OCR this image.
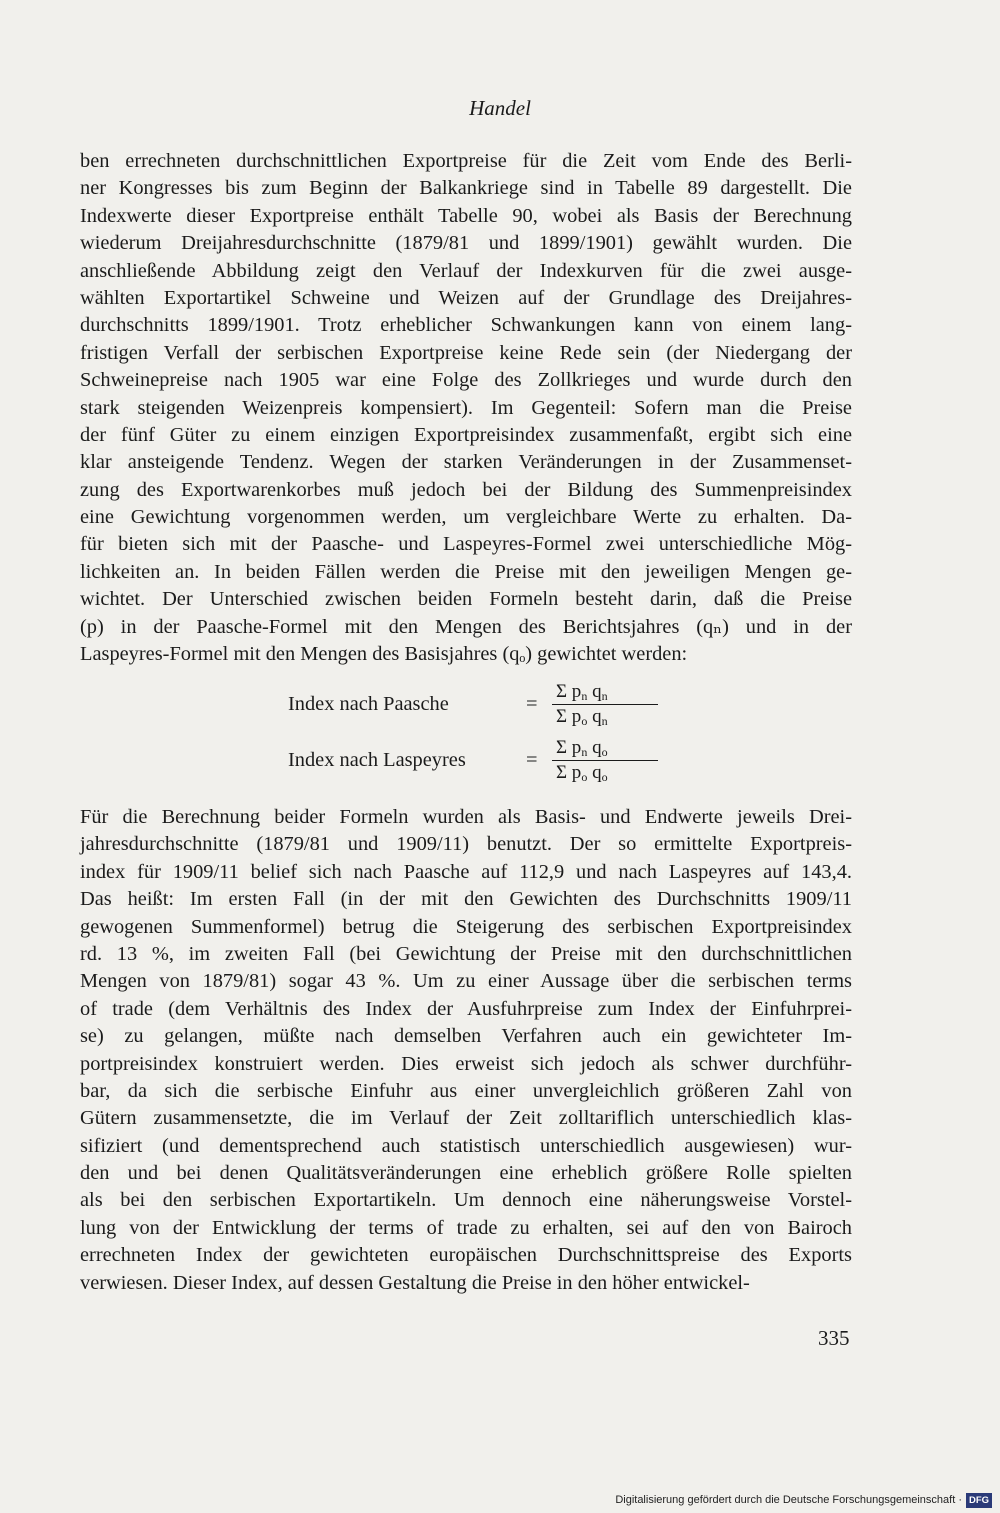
Handel
ben errechneten durchschnittlichen Exportpreise für die Zeit vom Ende des Berli-
ner Kongresses bis zum Beginn der Balkankriege sind in Tabelle 89 dargestellt. Die
Indexwerte dieser Exportpreise enthält Tabelle 90, wobei als Basis der Berechnung
wiederum Dreijahresdurchschnitte (1879/81 und 1899/1901) gewählt wurden. Die
anschließende Abbildung zeigt den Verlauf der Indexkurven für die zwei ausge-
wählten Exportartikel Schweine und Weizen auf der Grundlage des Dreijahres-
durchschnitts 1899/1901. Trotz erheblicher Schwankungen kann von einem lang-
fristigen Verfall der serbischen Exportpreise keine Rede sein (der Niedergang der
Schweinepreise nach 1905 war eine Folge des Zollkrieges und wurde durch den
stark steigenden Weizenpreis kompensiert). Im Gegenteil: Sofern man die Preise
der fünf Güter zu einem einzigen Exportpreisindex zusammenfaßt, ergibt sich eine
klar ansteigende Tendenz. Wegen der starken Veränderungen in der Zusammenset-
zung des Exportwarenkorbes muß jedoch bei der Bildung des Summenpreisindex
eine Gewichtung vorgenommen werden, um vergleichbare Werte zu erhalten. Da-
für bieten sich mit der Paasche- und Laspeyres-Formel zwei unterschiedliche Mög-
lichkeiten an. In beiden Fällen werden die Preise mit den jeweiligen Mengen ge-
wichtet. Der Unterschied zwischen beiden Formeln besteht darin, daß die Preise
(p) in der Paasche-Formel mit den Mengen des Berichtsjahres (qₙ) und in der
Laspeyres-Formel mit den Mengen des Basisjahres (qₒ) gewichtet werden:
Index nach Paasche	=
Σ $p_n$ $q_n$
Σ $p_o$ $q_n$
Index nach Laspeyres	=
Σ $p_n$ $q_o$
Σ $p_o$ $q_o$
Für die Berechnung beider Formeln wurden als Basis- und Endwerte jeweils Drei-
jahresdurchschnitte (1879/81 und 1909/11) benutzt. Der so ermittelte Exportpreis-
index für 1909/11 belief sich nach Paasche auf 112,9 und nach Laspeyres auf 143,4.
Das heißt: Im ersten Fall (in der mit den Gewichten des Durchschnitts 1909/11
gewogenen Summenformel) betrug die Steigerung des serbischen Exportpreisindex
rd. 13 %, im zweiten Fall (bei Gewichtung der Preise mit den durchschnittlichen
Mengen von 1879/81) sogar 43 %. Um zu einer Aussage über die serbischen terms
of trade (dem Verhältnis des Index der Ausfuhrpreise zum Index der Einfuhrprei-
se) zu gelangen, müßte nach demselben Verfahren auch ein gewichteter Im-
portpreisindex konstruiert werden. Dies erweist sich jedoch als schwer durchführ-
bar, da sich die serbische Einfuhr aus einer unvergleichlich größeren Zahl von
Gütern zusammensetzte, die im Verlauf der Zeit zolltariflich unterschiedlich klas-
sifiziert (und dementsprechend auch statistisch unterschiedlich ausgewiesen) wur-
den und bei denen Qualitätsveränderungen eine erheblich größere Rolle spielten
als bei den serbischen Exportartikeln. Um dennoch eine näherungsweise Vorstel-
lung von der Entwicklung der terms of trade zu erhalten, sei auf den von Bairoch
errechneten Index der gewichteten europäischen Durchschnittspreise des Exports
verwiesen. Dieser Index, auf dessen Gestaltung die Preise in den höher entwickel-
335
Digitalisierung gefördert durch die Deutsche Forschungsgemeinschaft · DFG
